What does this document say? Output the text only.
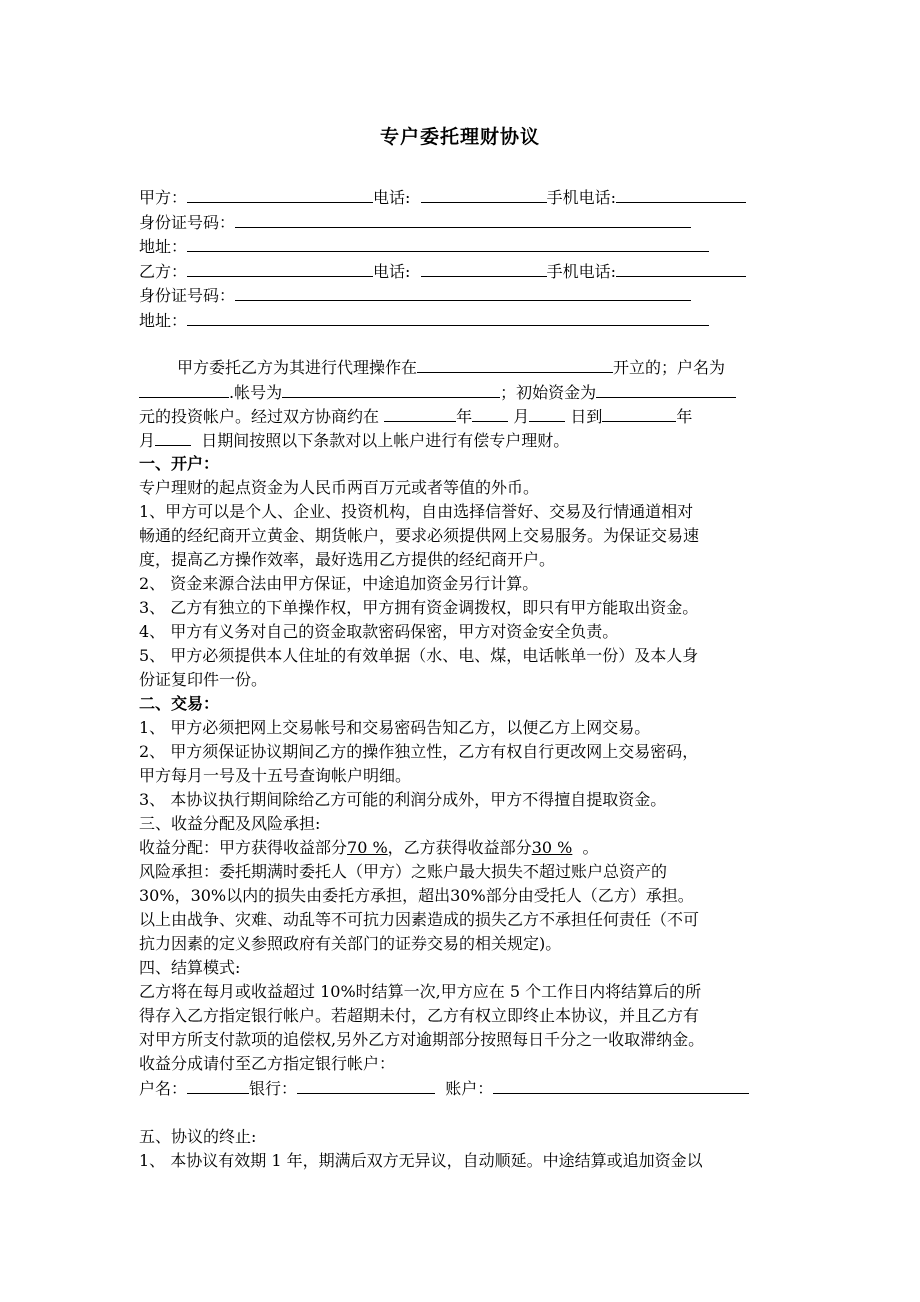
专户委托理财协议
甲方：	电话:	手机电话:
身份证号码：
地址：
乙方：	电话:	手机电话:
身份证号码：
地址：
甲方委托乙方为其进行代理操作在	开立的；户名为
.帐号为	；初始资金为
元的投资帐户。经过双方协商约在	年	月	日到	年
月	日期间按照以下条款对以上帐户进行有偿专户理财。
一、开户：
专户理财的起点资金为人民币两百万元或者等值的外币。
1、甲方可以是个人、企业、投资机构，自由选择信誉好、交易及行情通道相对
畅通的经纪商开立黄金、期货帐户，要求必须提供网上交易服务。为保证交易速
度，提高乙方操作效率，最好选用乙方提供的经纪商开户。
2、 资金来源合法由甲方保证，中途追加资金另行计算。
3、 乙方有独立的下单操作权，甲方拥有资金调拨权，即只有甲方能取出资金。
4、 甲方有义务对自己的资金取款密码保密，甲方对资金安全负责。
5、 甲方必须提供本人住址的有效单据（水、电、煤，电话帐单一份）及本人身
份证复印件一份。
二、交易：
1、 甲方必须把网上交易帐号和交易密码告知乙方，以便乙方上网交易。
2、 甲方须保证协议期间乙方的操作独立性，乙方有权自行更改网上交易密码，
甲方每月一号及十五号查询帐户明细。
3、 本协议执行期间除给乙方可能的利润分成外，甲方不得擅自提取资金。
三、收益分配及风险承担:
收益分配：甲方获得收益部分70 %，乙方获得收益部分30 %  。
风险承担：委托期满时委托人（甲方）之账户最大损失不超过账户总资产的
30%，30%以内的损失由委托方承担，超出30%部分由受托人（乙方）承担。
以上由战争、灾难、动乱等不可抗力因素造成的损失乙方不承担任何责任（不可
抗力因素的定义参照政府有关部门的证券交易的相关规定)。
四、结算模式:
乙方将在每月或收益超过 10%时结算一次,甲方应在 5 个工作日内将结算后的所
得存入乙方指定银行帐户。若超期未付，乙方有权立即终止本协议，并且乙方有
对甲方所支付款项的追偿权,另外乙方对逾期部分按照每日千分之一收取滞纳金。
收益分成请付至乙方指定银行帐户：
户名：	银行：	账户：
五、协议的终止:
1、 本协议有效期 1 年，期满后双方无异议，自动顺延。中途结算或追加资金以
